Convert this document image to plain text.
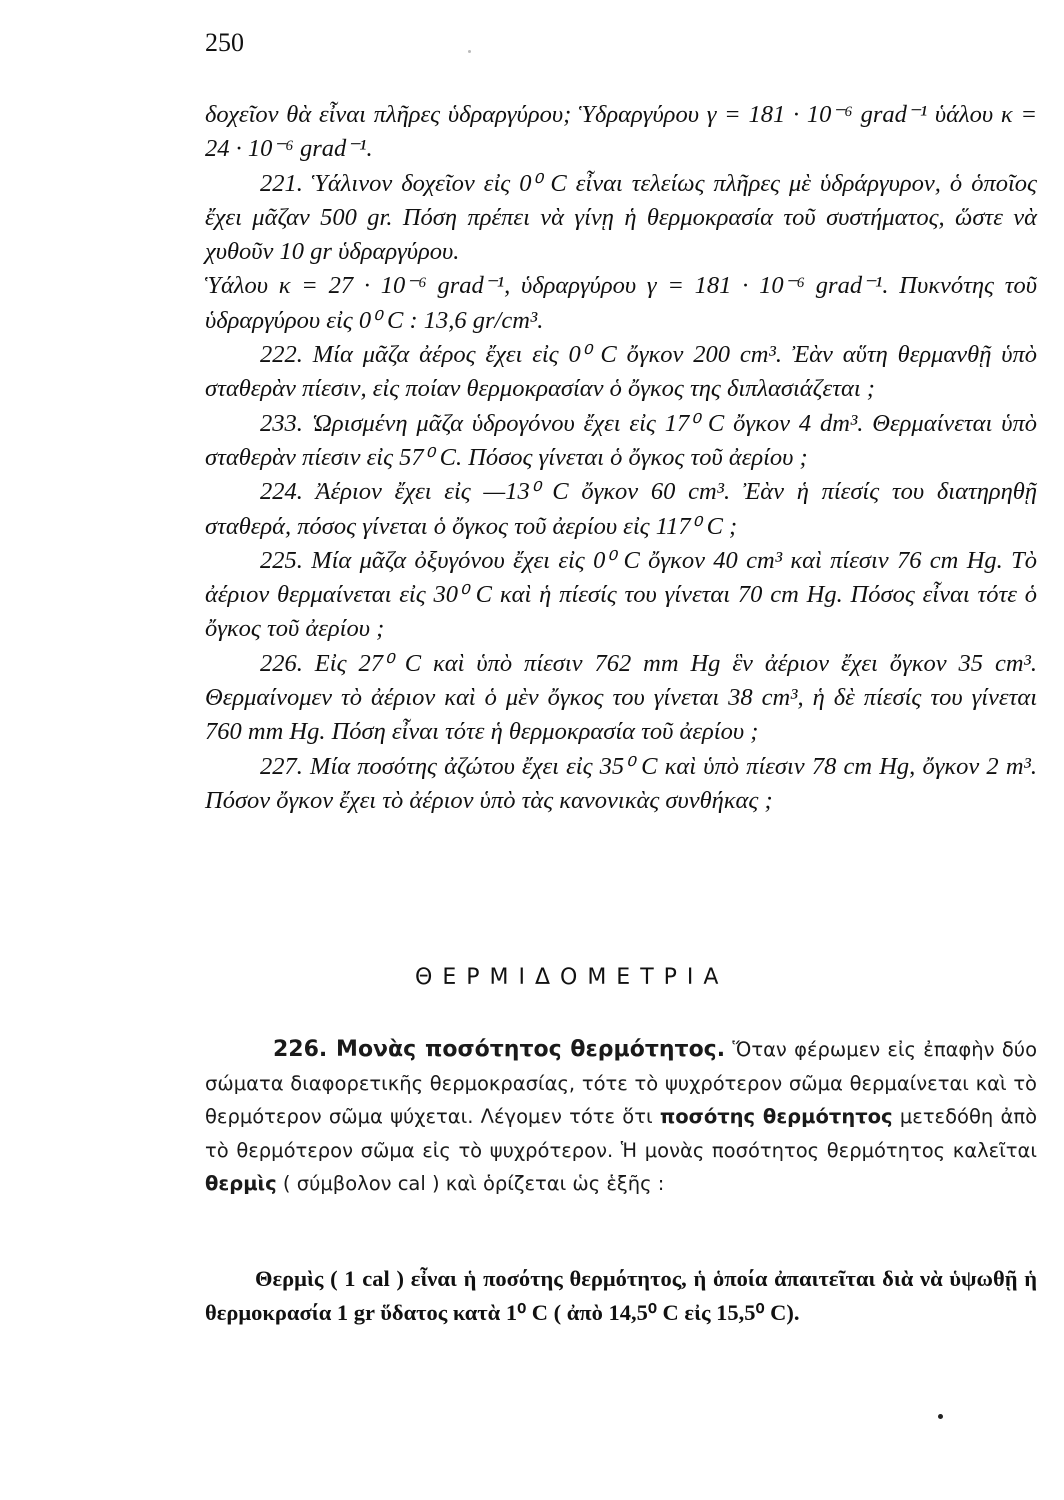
250

δοχεῖον θὰ εἶναι πλῆρες ὑδραργύρου; Ὑδραργύρου γ = 181 · 10⁻⁶ grad⁻¹ ὑάλου κ = 24 · 10⁻⁶ grad⁻¹.

221. Ὑάλινον δοχεῖον εἰς 0⁰ C εἶναι τελείως πλῆρες μὲ ὑδράργυρον, ὁ ὁποῖος ἔχει μᾶζαν 500 gr. Πόση πρέπει νὰ γίνῃ ἡ θερμοκρασία τοῦ συστήματος, ὥστε νὰ χυθοῦν 10 gr ὑδραργύρου.

Ὑάλου κ = 27 · 10⁻⁶ grad⁻¹, ὑδραργύρου γ = 181 · 10⁻⁶ grad⁻¹. Πυκνότης τοῦ ὑδραργύρου εἰς 0⁰ C : 13,6 gr/cm³.

222. Μία μᾶζα ἀέρος ἔχει εἰς 0⁰ C ὄγκον 200 cm³. Ἐὰν αὕτη θερμανθῇ ὑπὸ σταθερὰν πίεσιν, εἰς ποίαν θερμοκρασίαν ὁ ὄγκος της διπλασιάζεται ;

233. Ὡρισμένη μᾶζα ὑδρογόνου ἔχει εἰς 17⁰ C ὄγκον 4 dm³. Θερμαίνεται ὑπὸ σταθερὰν πίεσιν εἰς 57⁰ C. Πόσος γίνεται ὁ ὄγκος τοῦ ἀερίου ;

224. Ἀέριον ἔχει εἰς —13⁰ C ὄγκον 60 cm³. Ἐὰν ἡ πίεσίς του διατηρηθῇ σταθερά, πόσος γίνεται ὁ ὄγκος τοῦ ἀερίου εἰς 117⁰ C ;

225. Μία μᾶζα ὀξυγόνου ἔχει εἰς 0⁰ C ὄγκον 40 cm³ καὶ πίεσιν 76 cm Hg. Τὸ ἀέριον θερμαίνεται εἰς 30⁰ C καὶ ἡ πίεσίς του γίνεται 70 cm Hg. Πόσος εἶναι τότε ὁ ὄγκος τοῦ ἀερίου ;

226. Εἰς 27⁰ C καὶ ὑπὸ πίεσιν 762 mm Hg ἓν ἀέριον ἔχει ὄγκον 35 cm³. Θερμαίνομεν τὸ ἀέριον καὶ ὁ μὲν ὄγκος του γίνεται 38 cm³, ἡ δὲ πίεσίς του γίνεται 760 mm Hg. Πόση εἶναι τότε ἡ θερμοκρασία τοῦ ἀερίου ;

227. Μία ποσότης ἀζώτου ἔχει εἰς 35⁰ C καὶ ὑπὸ πίεσιν 78 cm Hg, ὄγκον 2 m³. Πόσον ὄγκον ἔχει τὸ ἀέριον ὑπὸ τὰς κανονικὰς συνθήκας ;

ΘΕΡΜΙΔΟΜΕΤΡΙΑ

226. Μονὰς ποσότητος θερμότητος. Ὅταν φέρωμεν εἰς ἐπαφὴν δύο σώματα διαφορετικῆς θερμοκρασίας, τότε τὸ ψυχρότερον σῶμα θερμαίνεται καὶ τὸ θερμότερον σῶμα ψύχεται. Λέγομεν τότε ὅτι ποσότης θερμότητος μετεδόθη ἀπὸ τὸ θερμότερον σῶμα εἰς τὸ ψυχρότερον. Ἡ μονὰς ποσότητος θερμότητος καλεῖται θερμὶς ( σύμβολον cal ) καὶ ὁρίζεται ὡς ἑξῆς :

Θερμὶς ( 1 cal ) εἶναι ἡ ποσότης θερμότητος, ἡ ὁποία ἀπαιτεῖται διὰ νὰ ὑψωθῇ ἡ θερμοκρασία 1 gr ὕδατος κατὰ 1⁰ C ( ἀπὸ 14,5⁰ C εἰς 15,5⁰ C).
